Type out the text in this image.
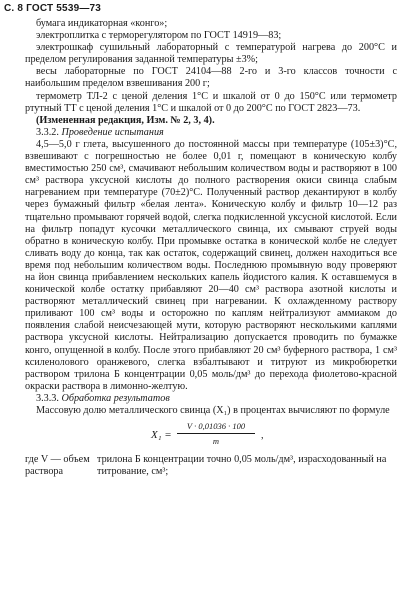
С. 8 ГОСТ 5539—73

бумага индикаторная «конго»;

электроплитка с терморегулятором по ГОСТ 14919—83;

электрошкаф сушильный лабораторный с температурой нагрева до 200°С и пределом регулирования заданной температуры ±3%;

весы лабораторные по ГОСТ 24104—88 2-го и 3-го классов точности с наибольшим пределом взвешивания 200 г;

термометр ТЛ-2 с ценой деления 1°С и шкалой от 0 до 150°С или термометр ртутный ТТ с ценой деления 1°С и шкалой от 0 до 200°С по ГОСТ 2823—73.

(Измененная редакция, Изм. № 2, 3, 4).

3.3.2. Проведение испытания

4,5—5,0 г глета, высушенного до постоянной массы при температуре (105±3)°С, взвешивают с погрешностью не более 0,01 г, помещают в коническую колбу вместимостью 250 см³, смачивают небольшим количеством воды и растворяют в 100 см³ раствора уксусной кислоты до полного растворения окиси свинца слабым нагреванием при температуре (70±2)°С. Полученный раствор декантируют в колбу через бумажный фильтр «белая лента». Коническую колбу и фильтр 10—12 раз тщательно промывают горячей водой, слегка подкисленной уксусной кислотой. Если на фильтр попадут кусочки металлического свинца, их смывают струей воды обратно в коническую колбу. При промывке остатка в конической колбе не следует сливать воду до конца, так как остаток, содержащий свинец, должен находиться все время под небольшим количеством воды. Последнюю промывную воду проверяют на йон свинца прибавлением нескольких капель йодистого калия. К оставшемуся в конической колбе остатку прибавляют 20—40 см³ раствора азотной кислоты и растворяют металлический свинец при нагревании. К охлажденному раствору приливают 100 см³ воды и осторожно по каплям нейтрализуют аммиаком до появления слабой неисчезающей мути, которую растворяют несколькими каплями раствора уксусной кислоты. Нейтрализацию допускается проводить по бумажке конго, опущенной в колбу. После этого прибавляют 20 см³ буферного раствора, 1 см³ ксиленолового оранжевого, слегка взбалтывают и титруют из микробюретки раствором трилона Б концентрации 0,05 моль/дм³ до перехода фиолетово-красной окраски раствора в лимонно-желтую.

3.3.3. Обработка результатов

Массовую долю металлического свинца (X₁) в процентах вычисляют по формуле

$X_1 = \frac{V \cdot 0,01036 \cdot 100}{m}$ ,
где V — объем раствора
трилона Б концентрации точно 0,05 моль/дм³, израсходованный на титрование, см³;
